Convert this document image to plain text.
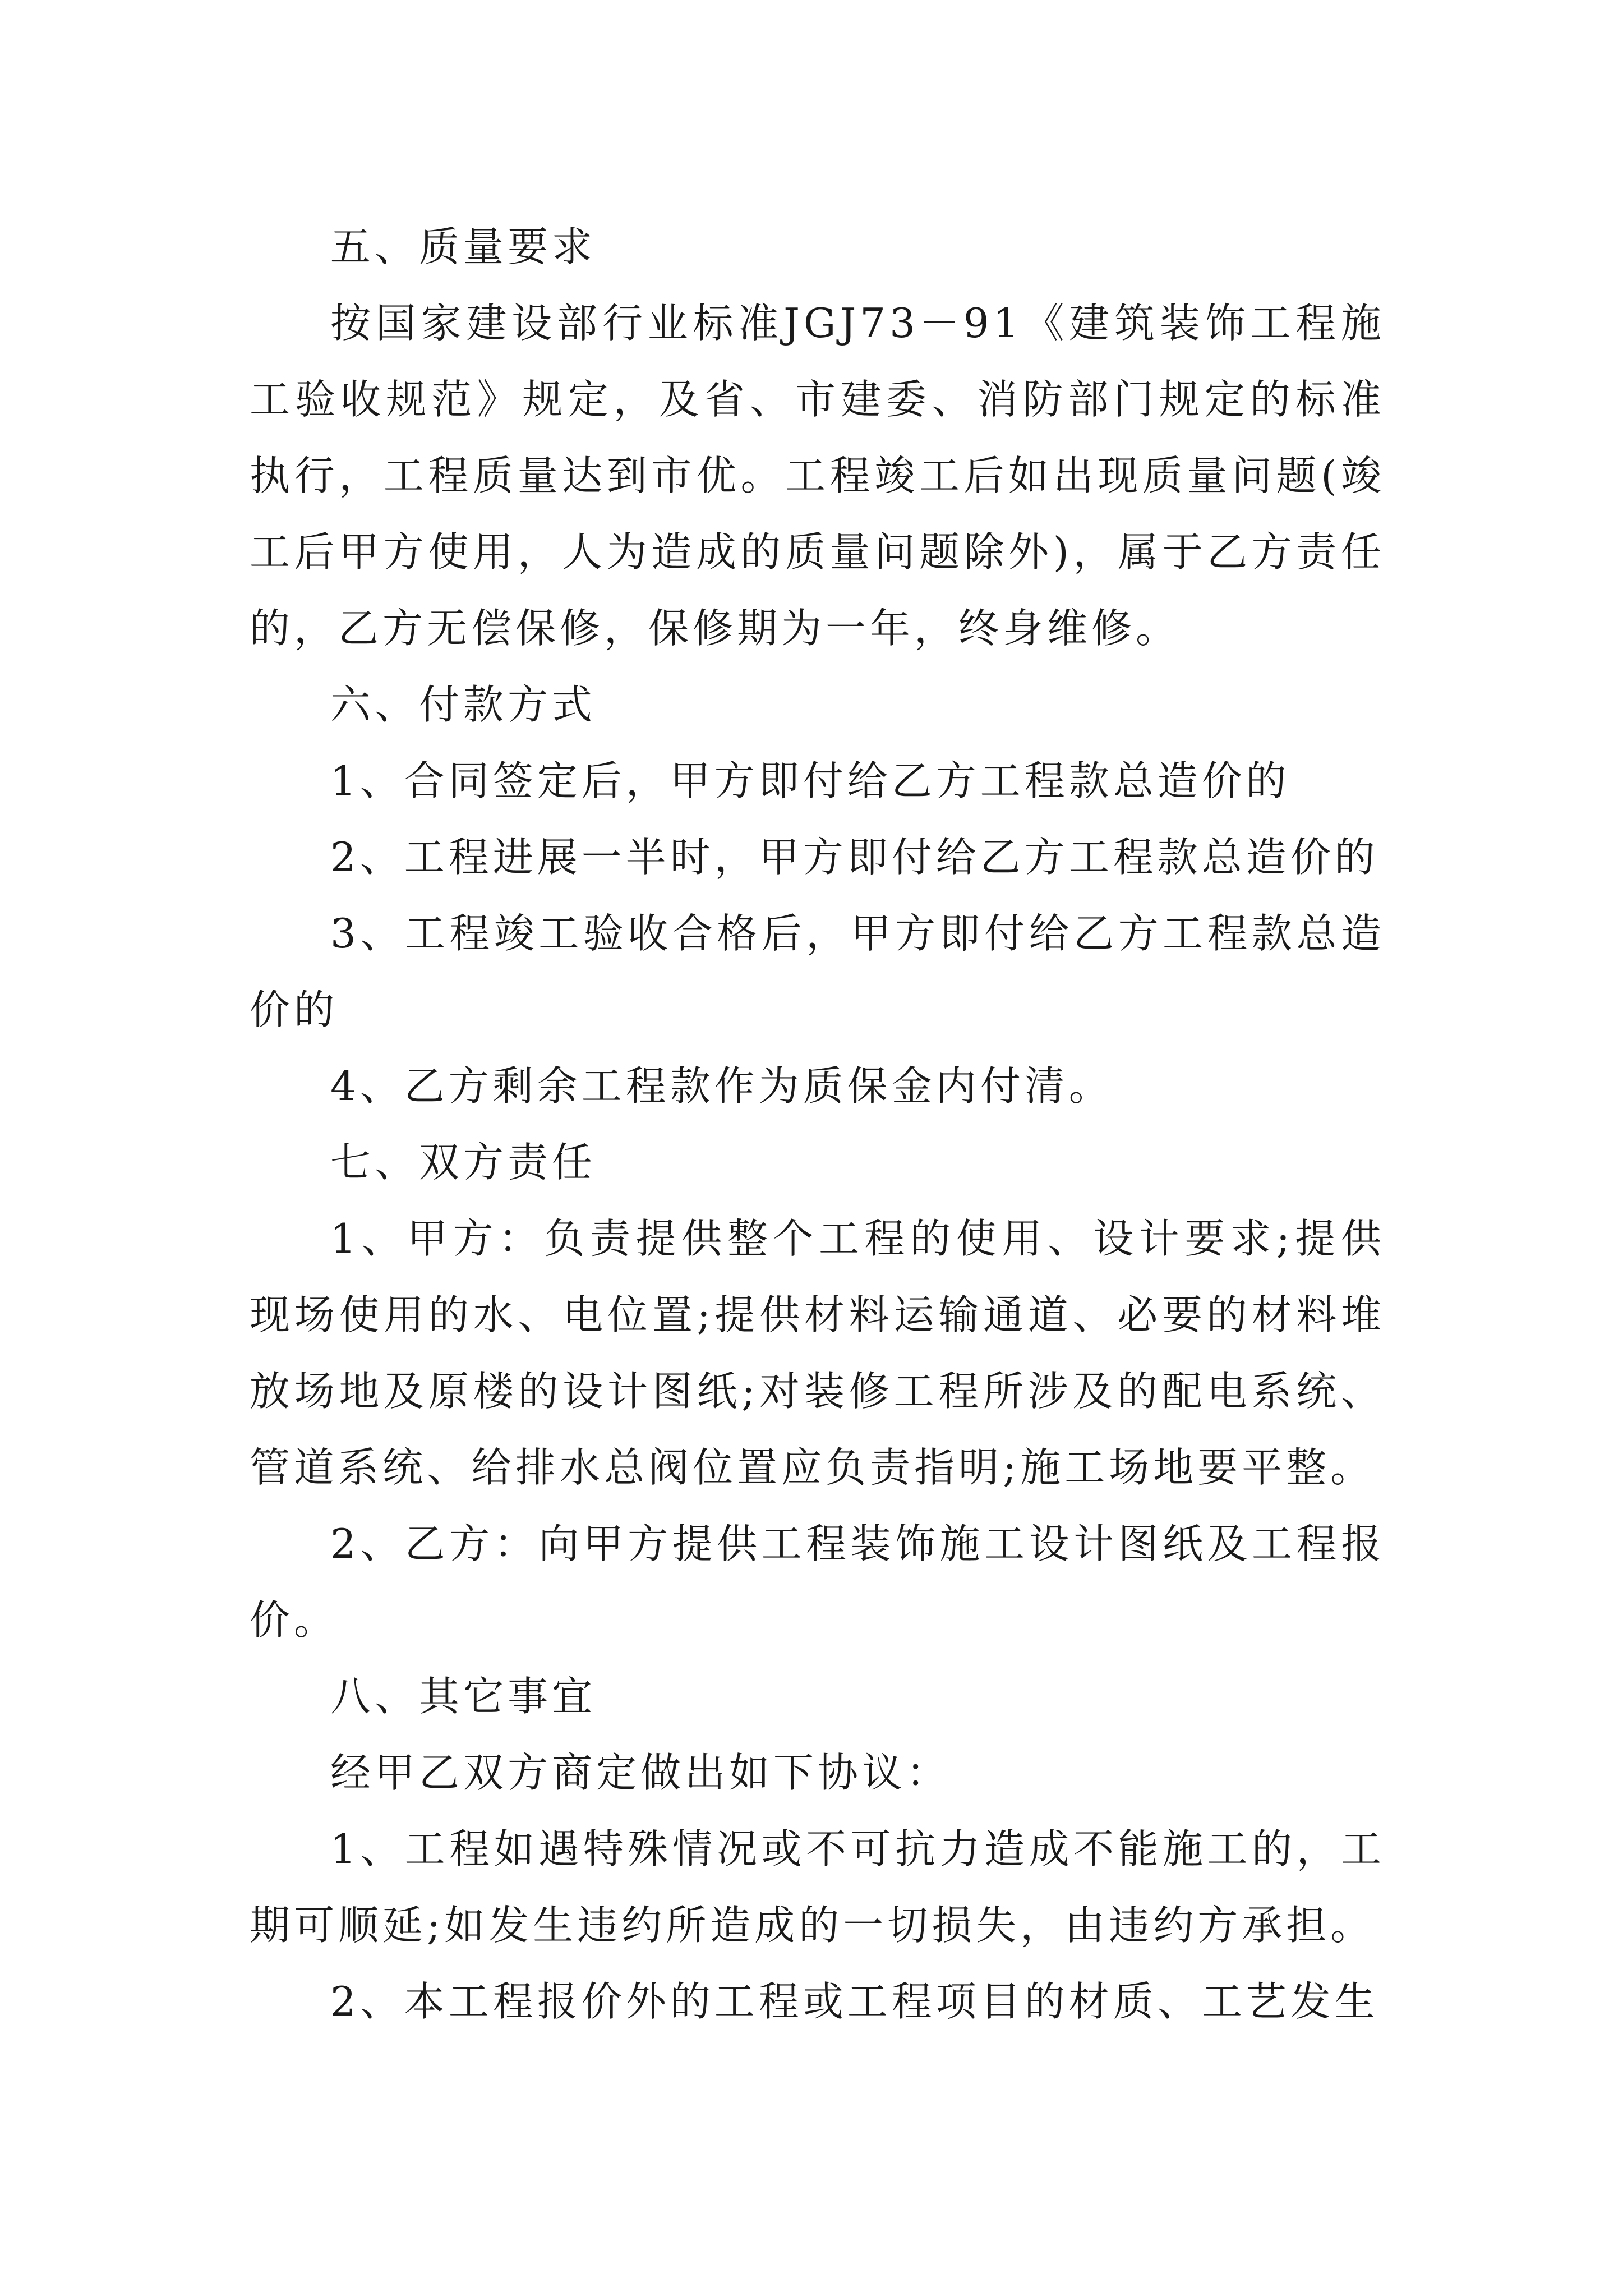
五、质量要求

按国家建设部行业标准JGJ73－91《建筑装饰工程施工验收规范》规定，及省、市建委、消防部门规定的标准执行，工程质量达到市优。工程竣工后如出现质量问题(竣工后甲方使用，人为造成的质量问题除外)，属于乙方责任的，乙方无偿保修，保修期为一年，终身维修。

六、付款方式

1、合同签定后，甲方即付给乙方工程款总造价的

2、工程进展一半时，甲方即付给乙方工程款总造价的

3、工程竣工验收合格后，甲方即付给乙方工程款总造价的

4、乙方剩余工程款作为质保金内付清。

七、双方责任

1、甲方：负责提供整个工程的使用、设计要求;提供现场使用的水、电位置;提供材料运输通道、必要的材料堆放场地及原楼的设计图纸;对装修工程所涉及的配电系统、管道系统、给排水总阀位置应负责指明;施工场地要平整。

2、乙方：向甲方提供工程装饰施工设计图纸及工程报价。

八、其它事宜

经甲乙双方商定做出如下协议：

1、工程如遇特殊情况或不可抗力造成不能施工的，工期可顺延;如发生违约所造成的一切损失，由违约方承担。

2、本工程报价外的工程或工程项目的材质、工艺发生
